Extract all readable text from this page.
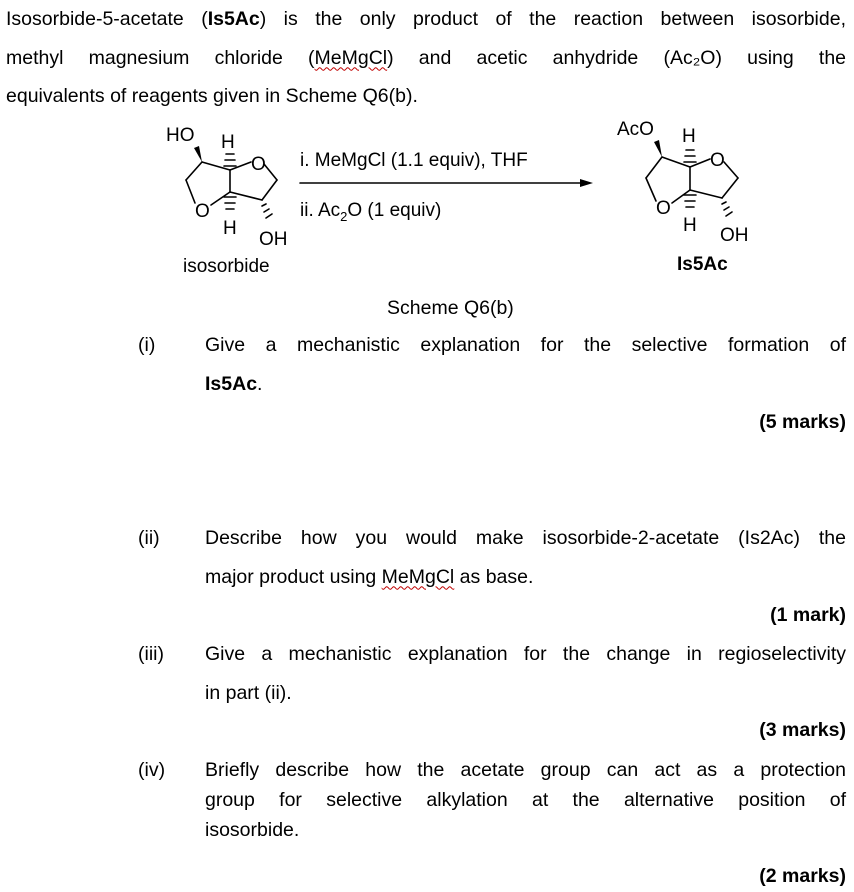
Isosorbide-5-acetate (Is5Ac) is the only product of the reaction between isosorbide,
methyl magnesium chloride (MeMgCl) and acetic anhydride (Ac₂O) using the
equivalents of reagents given in Scheme Q6(b).
HO H
O
O
H
OH
isosorbide
i. MeMgCl (1.1 equiv), THF
ii. $Ac_2O$ (1 equiv)
AcO H
O
O
H OH
Is5Ac
Scheme Q6(b)
(i)	Give a mechanistic explanation for the selective formation of
Is5Ac.
(5 marks)
(ii) Describe how you would make isosorbide-2-acetate (Is2Ac) the
major product using MeMgCl as base.
(1 mark)
(iii) Give a mechanistic explanation for the change in regioselectivity
in part (ii).
(3 marks)
(iv) Briefly describe how the acetate group can act as a protection
group for selective alkylation at the alternative position of
isosorbide.
(2 marks)
